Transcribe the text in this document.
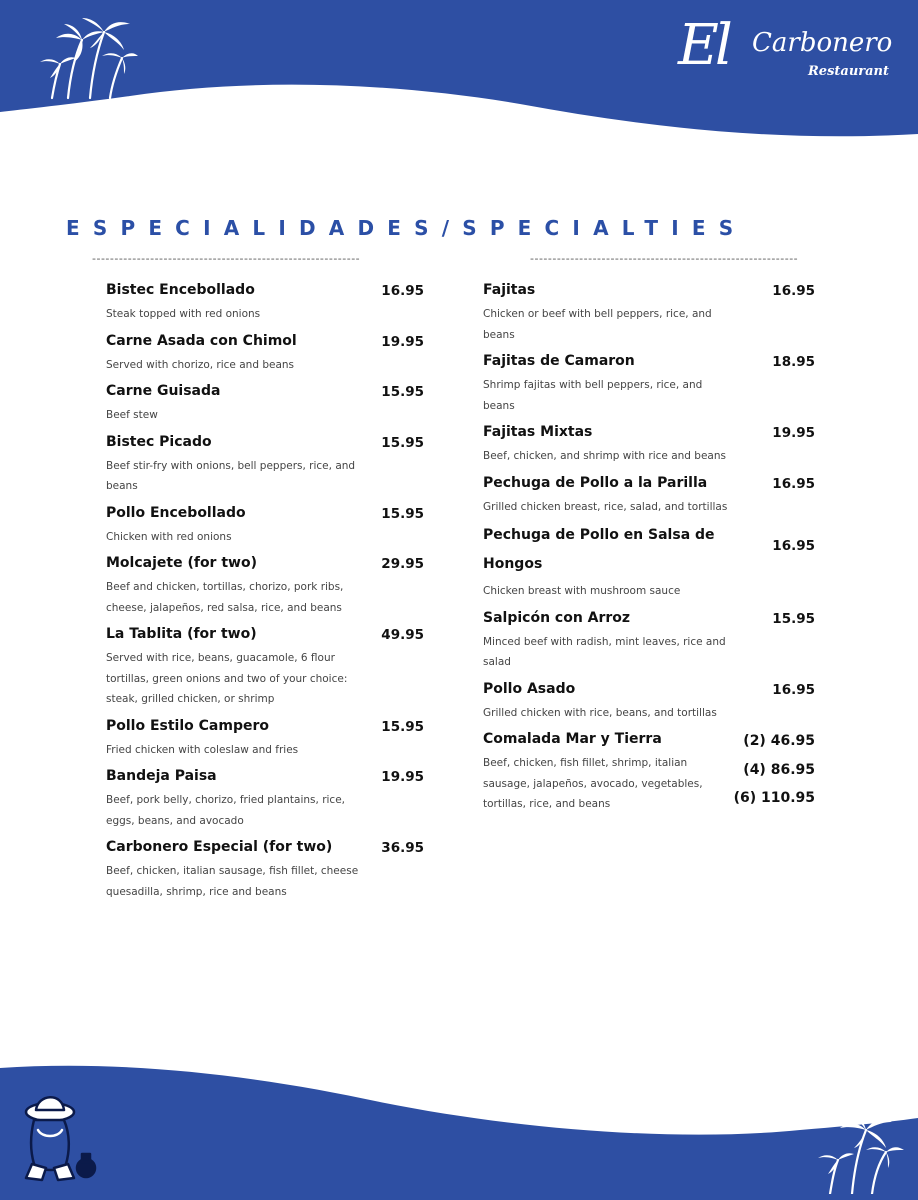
El Carbonero
Restaurant
ESPECIALIDADES/SPECIALTIES
------------------------------------------------------------	------------------------------------------------------------
Bistec Encebollado
Steak topped with red onions
16.95
Carne Asada con Chimol
Served with chorizo, rice and beans
19.95
Carne Guisada
Beef stew
15.95
Bistec Picado
Beef stir-fry with onions, bell peppers, rice, and beans
15.95
Pollo Encebollado
Chicken with red onions
15.95
Molcajete (for two)
Beef and chicken, tortillas, chorizo, pork ribs, cheese, jalapeños, red salsa, rice, and beans
29.95
La Tablita (for two)
Served with rice, beans, guacamole, 6 flour tortillas, green onions and two of your choice: steak, grilled chicken, or shrimp
49.95
Pollo Estilo Campero
Fried chicken with coleslaw and fries
15.95
Bandeja Paisa
Beef, pork belly, chorizo, fried plantains, rice, eggs, beans, and avocado
19.95
Carbonero Especial (for two)
Beef, chicken, italian sausage, fish fillet, cheese quesadilla, shrimp, rice and beans
36.95
Fajitas
Chicken or beef with bell peppers, rice, and beans
16.95
Fajitas de Camaron
Shrimp fajitas with bell peppers, rice, and beans
18.95
Fajitas Mixtas
Beef, chicken, and shrimp with rice and beans
19.95
Pechuga de Pollo a la Parilla
Grilled chicken breast, rice, salad, and tortillas
16.95
Pechuga de Pollo en Salsa de Hongos
Chicken breast with mushroom sauce
16.95
Salpicón con Arroz
Minced beef with radish, mint leaves, rice and salad
15.95
Pollo Asado
Grilled chicken with rice, beans, and tortillas
16.95
Comalada Mar y Tierra
Beef, chicken, fish fillet, shrimp, italian sausage, jalapeños, avocado, vegetables, tortillas, rice, and beans
(2) 46.95
(4) 86.95
(6) 110.95
